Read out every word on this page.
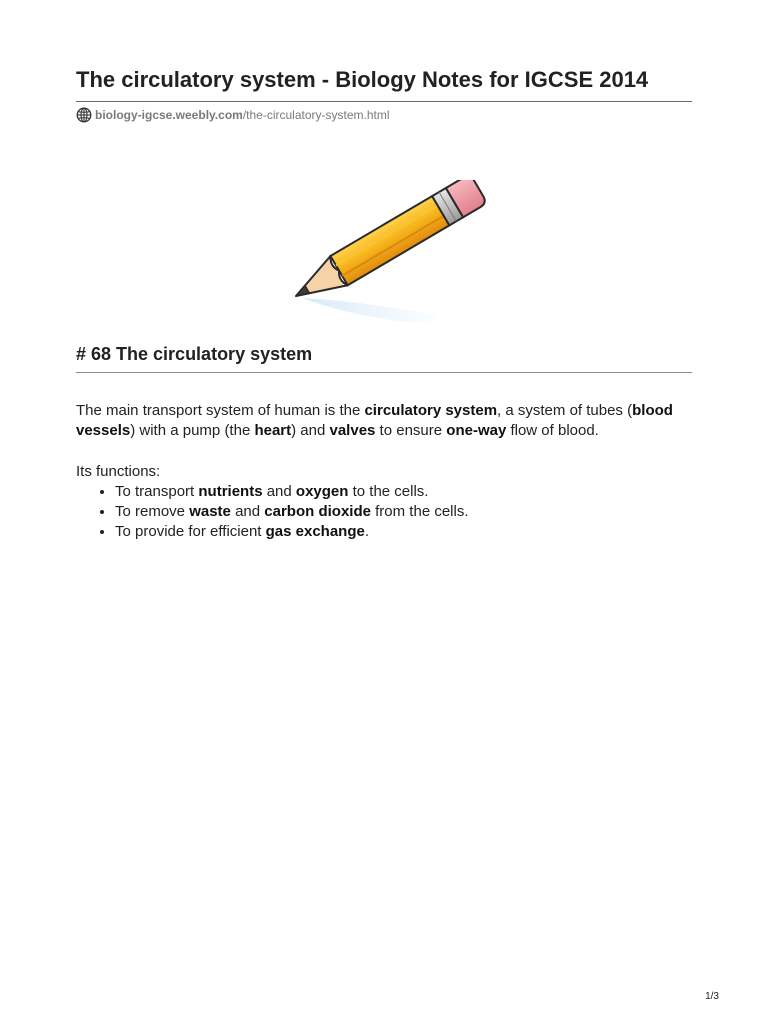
The circulatory system - Biology Notes for IGCSE 2014
biology-igcse.weebly.com /the-circulatory-system.html
# 68 The circulatory system

The main transport system of human is the circulatory system, a system of tubes (blood vessels) with a pump (the heart) and valves to ensure one-way flow of blood.

Its functions:

• To transport nutrients and oxygen to the cells.
• To remove waste and carbon dioxide from the cells.
• To provide for efficient gas exchange.
1/3
